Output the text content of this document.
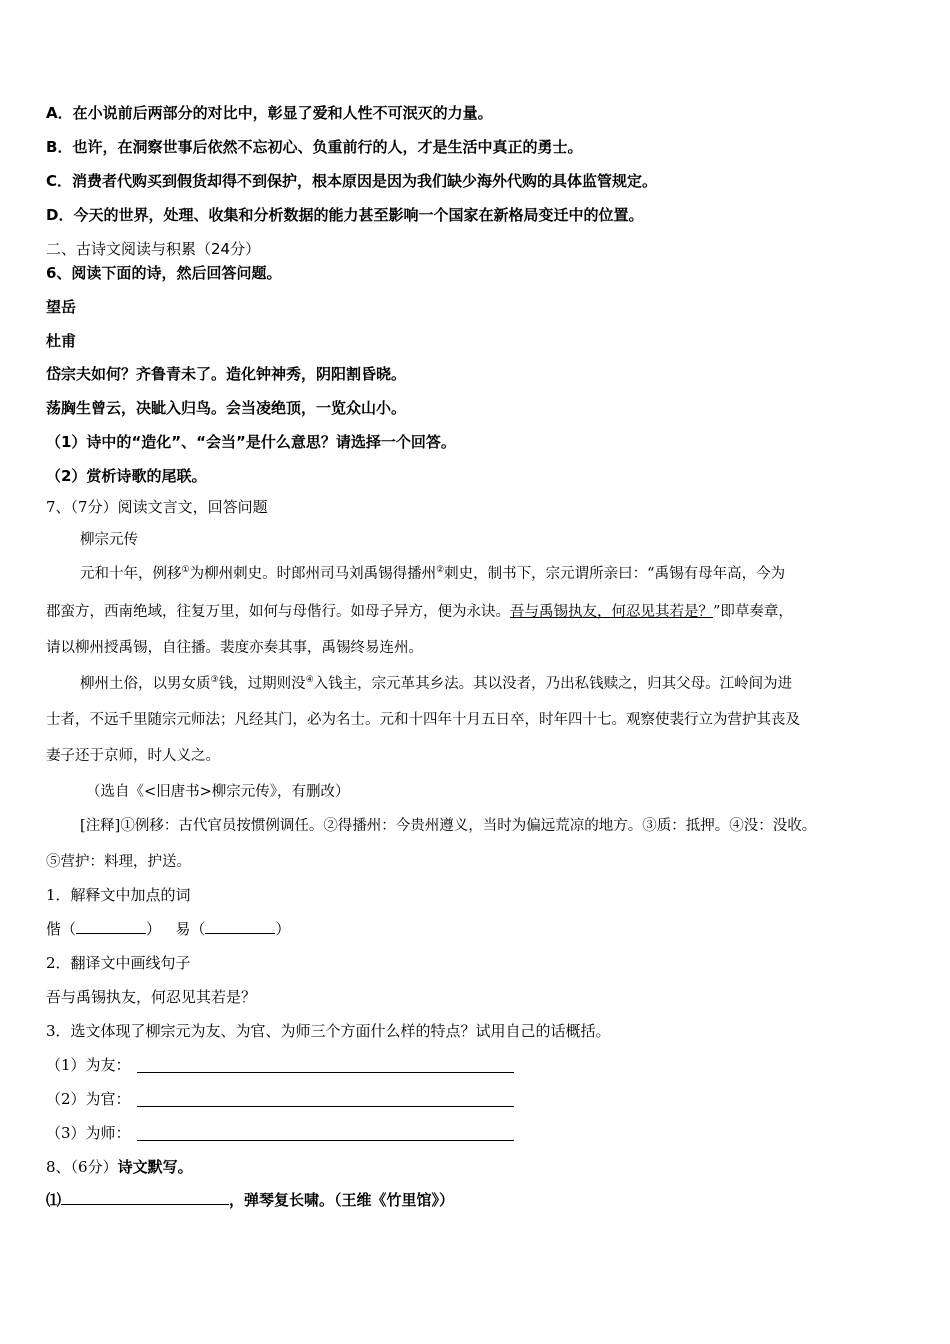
A．在小说前后两部分的对比中，彰显了爱和人性不可泯灭的力量。
B．也许，在洞察世事后依然不忘初心、负重前行的人，才是生活中真正的勇士。
C．消费者代购买到假货却得不到保护，根本原因是因为我们缺少海外代购的具体监管规定。
D．今天的世界，处理、收集和分析数据的能力甚至影响一个国家在新格局变迁中的位置。
二、古诗文阅读与积累（24分）
6、阅读下面的诗，然后回答问题。
望岳
杜甫
岱宗夫如何？齐鲁青未了。造化钟神秀，阴阳割昏晓。
荡胸生曾云，决眦入归鸟。会当凌绝顶，一览众山小。
（1）诗中的“造化”、“会当”是什么意思？请选择一个回答。
（2）赏析诗歌的尾联。
7、（7分）阅读文言文，回答问题
柳宗元传
元和十年，例移①为柳州刺史。时郎州司马刘禹锡得播州②刺史，制书下，宗元谓所亲曰：“禹锡有母年高，今为
郡蛮方，西南绝域，往复万里，如何与母偕行。如母子异方，便为永诀。吾与禹锡执友，何忍见其若是？”即草奏章，
请以柳州授禹锡，自往播。裴度亦奏其事，禹锡终易连州。
柳州土俗，以男女质③钱，过期则没④入钱主，宗元革其乡法。其以没者，乃出私钱赎之，归其父母。江岭间为进
士者，不远千里随宗元师法；凡经其门，必为名士。元和十四年十月五日卒，时年四十七。观察使裴行立为营护其丧及
妻子还于京师，时人义之。
（选自《<旧唐书>柳宗元传》，有删改）
[注释]①例移：古代官员按惯例调任。②得播州：今贵州遵义，当时为偏远荒凉的地方。③质：抵押。④没：没收。
⑤营护：料理，护送。
1．解释文中加点的词
偕（	） 易（	）
2．翻译文中画线句子
吾与禹锡执友，何忍见其若是？
3．选文体现了柳宗元为友、为官、为师三个方面什么样的特点？试用自己的话概括。
（1）为友：
（2）为官：
（3）为师：
8、（6分）诗文默写。
⑴	，弹琴复长啸。（王维《竹里馆》）
